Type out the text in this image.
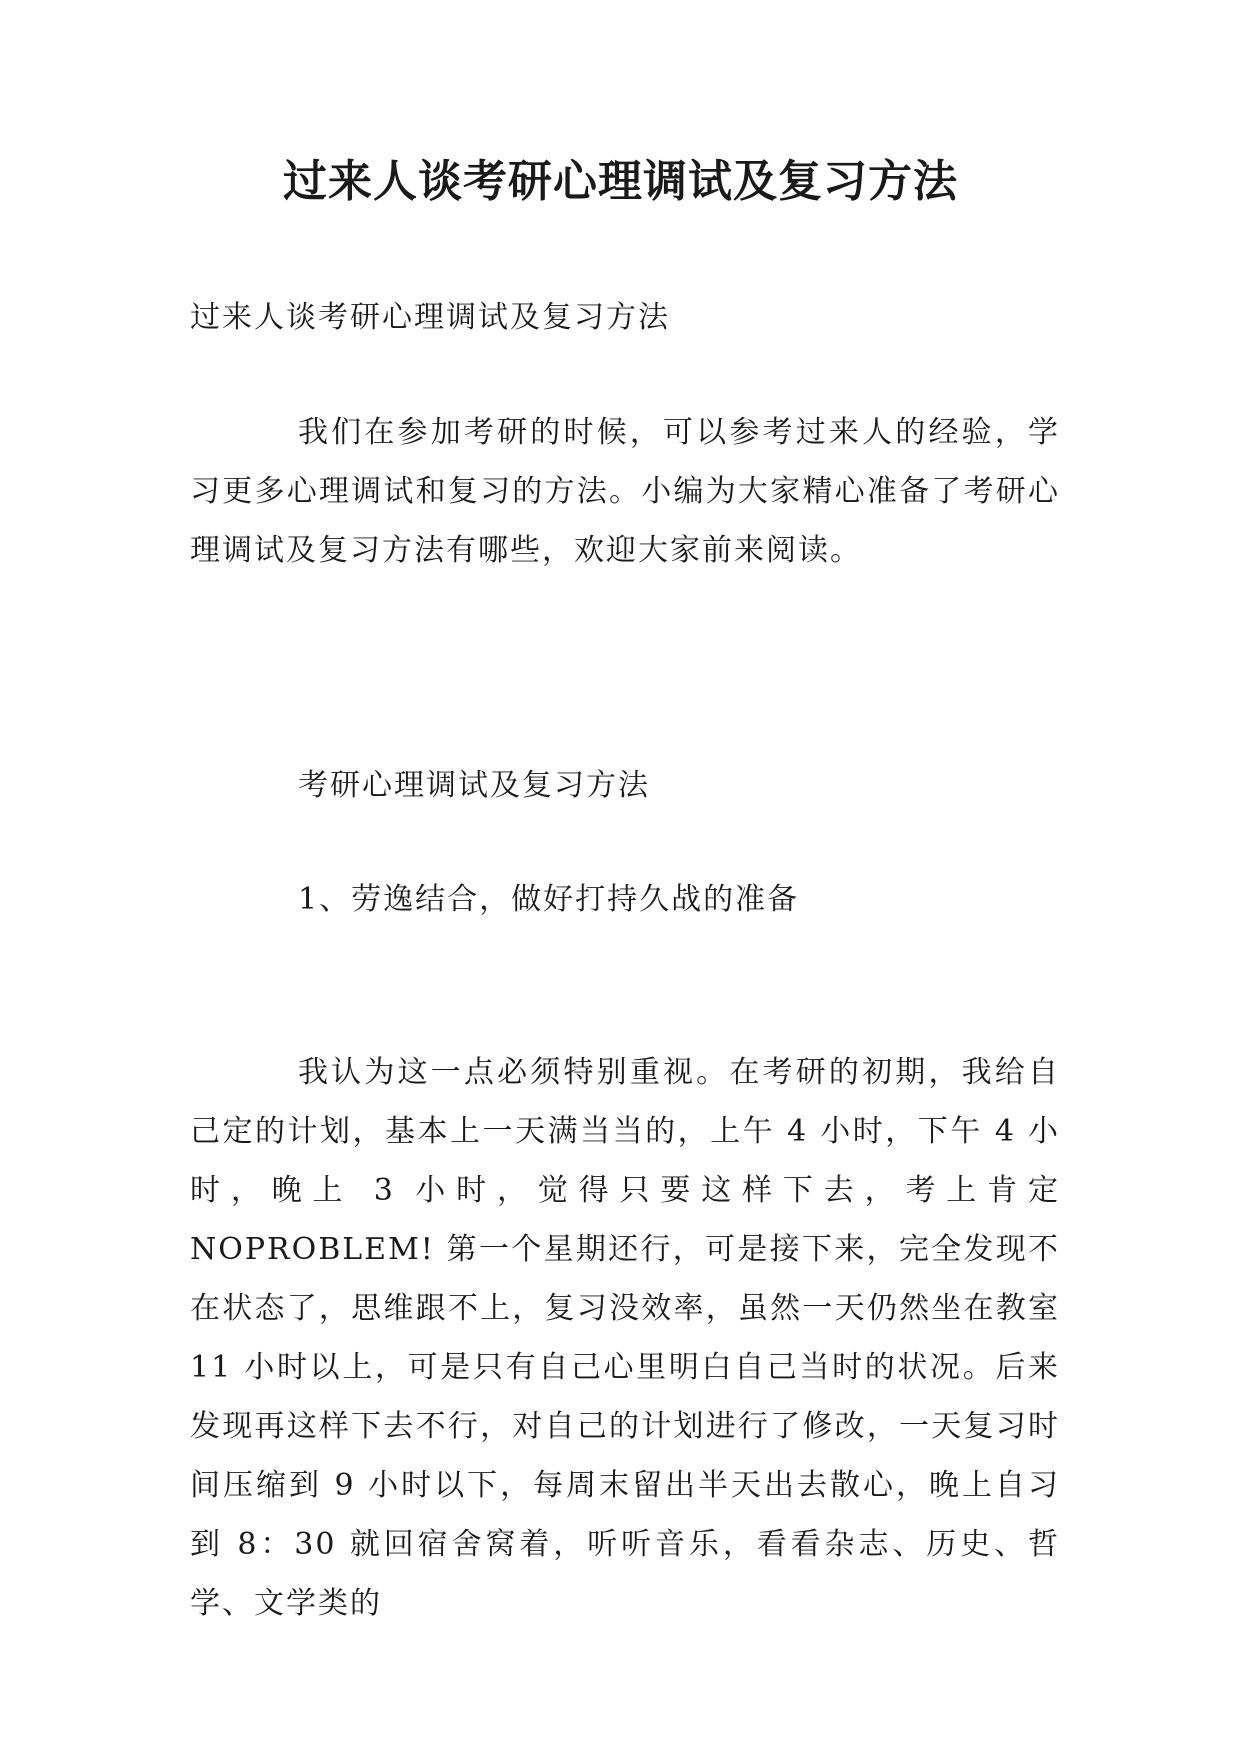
过来人谈考研心理调试及复习方法

过来人谈考研心理调试及复习方法

我们在参加考研的时候，可以参考过来人的经验，学习更多心理调试和复习的方法。小编为大家精心准备了考研心理调试及复习方法有哪些，欢迎大家前来阅读。

考研心理调试及复习方法

1、劳逸结合，做好打持久战的准备

我认为这一点必须特别重视。在考研的初期，我给自己定的计划，基本上一天满当当的，上午 4 小时，下午 4 小时，晚上 3 小时，觉得只要这样下去，考上肯定 NOPROBLEM! 第一个星期还行，可是接下来，完全发现不在状态了，思维跟不上，复习没效率，虽然一天仍然坐在教室 11 小时以上，可是只有自己心里明白自己当时的状况。后来发现再这样下去不行，对自己的计划进行了修改，一天复习时间压缩到 9 小时以下，每周末留出半天出去散心，晚上自习到 8：30 就回宿舍窝着，听听音乐，看看杂志、历史、哲学、文学类的
